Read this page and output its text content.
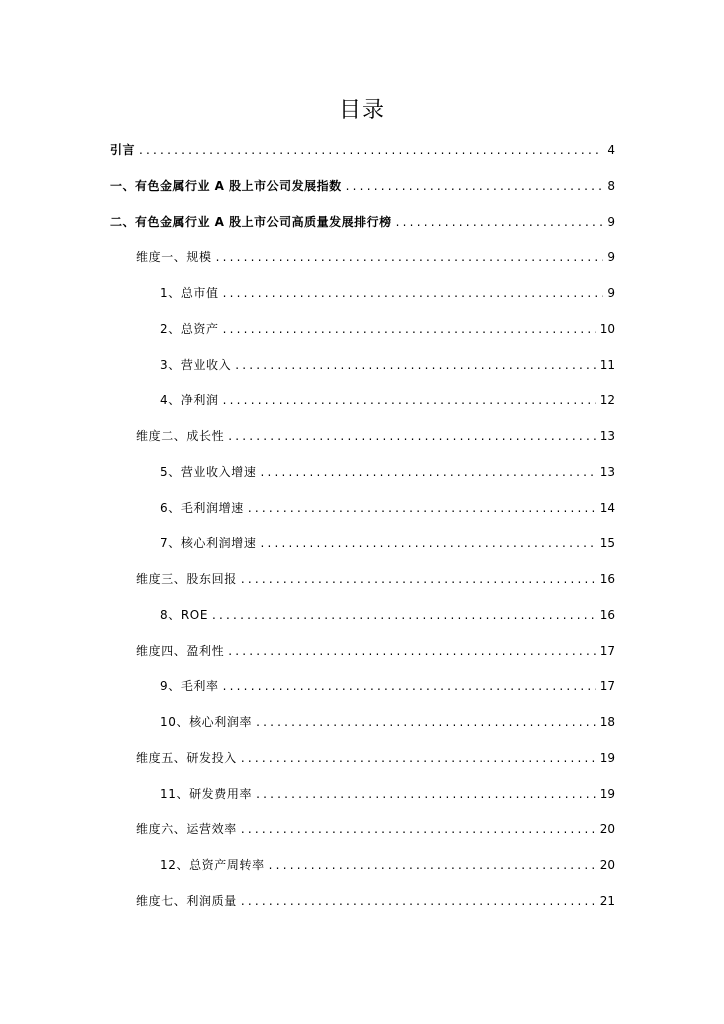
目录
引言 .....	4
一、有色金属行业 A 股上市公司发展指数 .....	8
二、有色金属行业 A 股上市公司高质量发展排行榜 .....	9
维度一、规模 .....	9
1、总市值 .....	9
2、总资产 .....	10
3、营业收入 .....	11
4、净利润 .....	12
维度二、成长性 .....	13
5、营业收入增速 .....	13
6、毛利润增速 .....	14
7、核心利润增速 .....	15
维度三、股东回报 .....	16
8、ROE .....	16
维度四、盈利性 .....	17
9、毛利率 .....	17
10、核心利润率 .....	18
维度五、研发投入 .....	19
11、研发费用率 .....	19
维度六、运营效率 .....	20
12、总资产周转率 .....	20
维度七、利润质量 .....	21
